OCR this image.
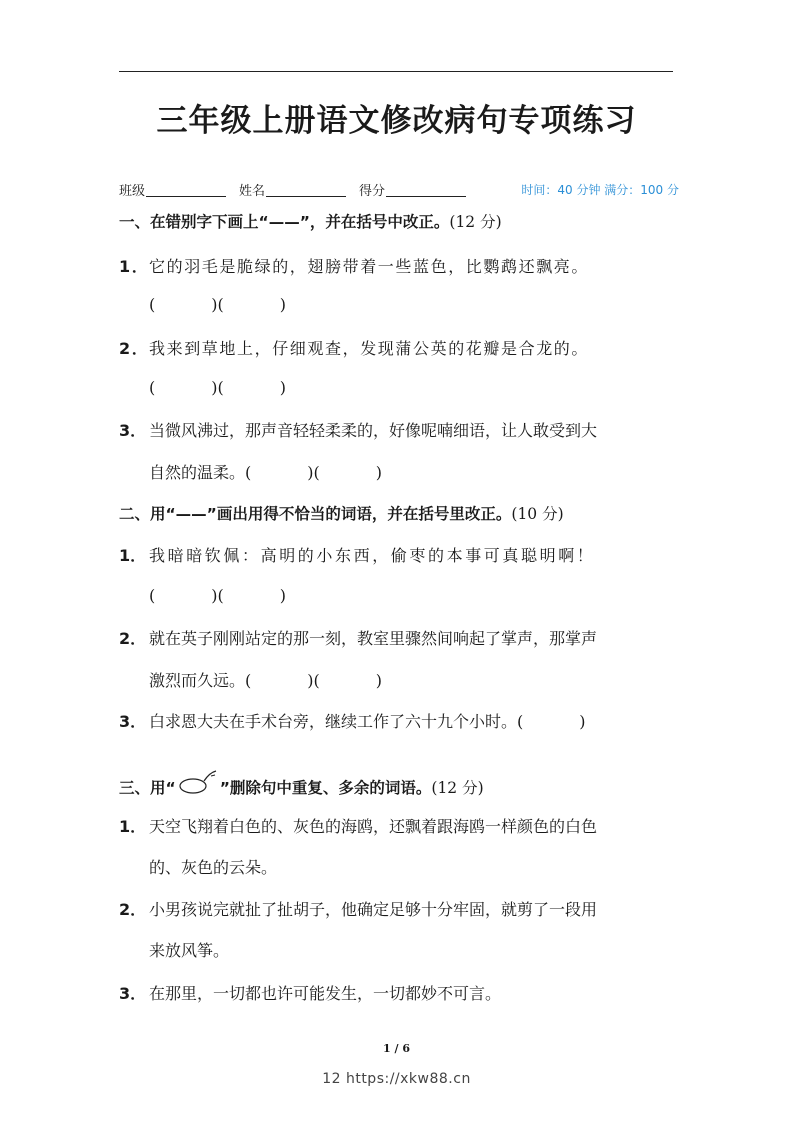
三年级上册语文修改病句专项练习
班级	姓名	得分	时间：40 分钟 满分：100 分
一、在错别字下画上“——”，并在括号中改正。(12 分)
1．它的羽毛是脆绿的，翅膀带着一些蓝色，比鹦鹉还飘亮。
(	)(	)
2．我来到草地上，仔细观查，发现蒲公英的花瓣是合龙的。
(	)(	)
3． 当微风沸过，那声音轻轻柔柔的，好像呢喃细语，让人敢受到大
自然的温柔。(	)(	)
二、用“——”画出用得不恰当的词语，并在括号里改正。(10 分)
1． 我暗暗钦佩：高明的小东西，偷枣的本事可真聪明啊！
(	)(	)
2． 就在英子刚刚站定的那一刻，教室里骤然间响起了掌声，那掌声
激烈而久远。(	)(	)
3． 白求恩大夫在手术台旁，继续工作了六十九个小时。(	)
三、用“	”删除句中重复、多余的词语。(12 分)
1． 天空飞翔着白色的、灰色的海鸥，还飘着跟海鸥一样颜色的白色
的、灰色的云朵。
2． 小男孩说完就扯了扯胡子，他确定足够十分牢固，就剪了一段用
来放风筝。
3． 在那里，一切都也许可能发生，一切都妙不可言。
1 / 6
12 https://xkw88.cn
